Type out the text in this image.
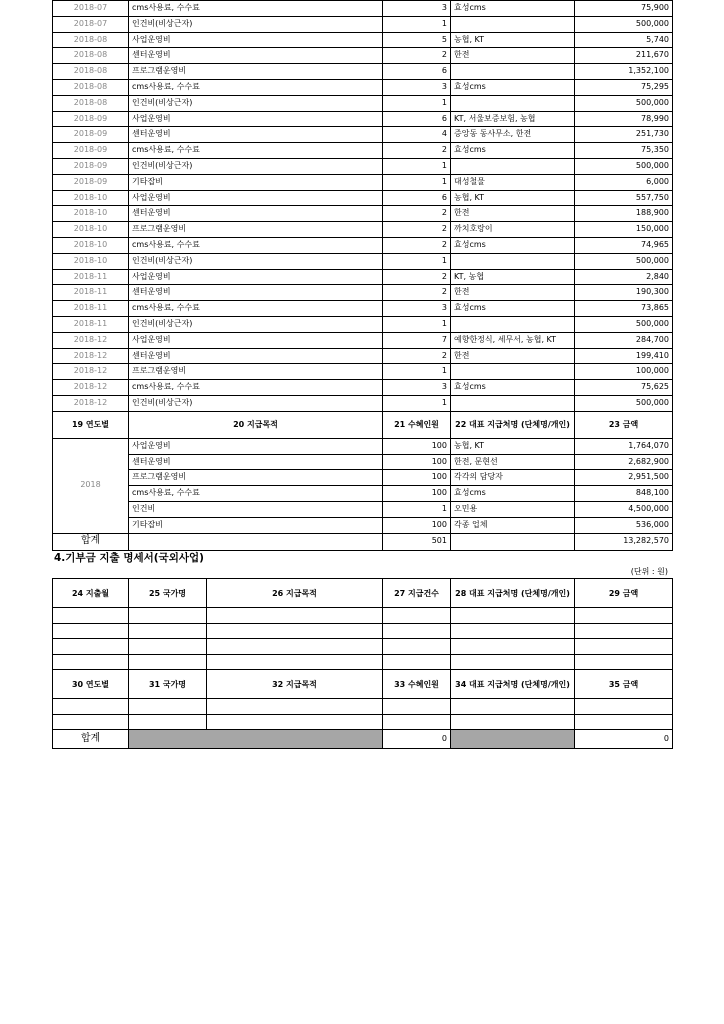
2018-07	cms사용료, 수수료	3	효성cms	75,900
2018-07	인건비(비상근자)	1		500,000
2018-08	사업운영비	5	농협, KT	5,740
2018-08	센터운영비	2	한전	211,670
2018-08	프로그램운영비	6		1,352,100
2018-08	cms사용료, 수수료	3	효성cms	75,295
2018-08	인건비(비상근자)	1		500,000
2018-09	사업운영비	6	KT, 서울보증보험, 농협	78,990
2018-09	센터운영비	4	증앙동 동사무소, 한전	251,730
2018-09	cms사용료, 수수료	2	효성cms	75,350
2018-09	인건비(비상근자)	1		500,000
2018-09	기타잡비	1	대성철물	6,000
2018-10	사업운영비	6	농협, KT	557,750
2018-10	센터운영비	2	한전	188,900
2018-10	프로그램운영비	2	까치호랑이	150,000
2018-10	cms사용료, 수수료	2	효성cms	74,965
2018-10	인건비(비상근자)	1		500,000
2018-11	사업운영비	2	KT, 농협	2,840
2018-11	센터운영비	2	한전	190,300
2018-11	cms사용료, 수수료	3	효성cms	73,865
2018-11	인건비(비상근자)	1		500,000
2018-12	사업운영비	7	예향한정식, 세무서, 농협, KT	284,700
2018-12	센터운영비	2	한전	199,410
2018-12	프로그램운영비	1		100,000
2018-12	cms사용료, 수수료	3	효성cms	75,625
2018-12	인건비(비상근자)	1		500,000
19 연도별	20 지급목적	21 수혜인원	22 대표 지급처명 (단체명/개인)	23 금액
2018	사업운영비	100	농협, KT	1,764,070
	센터운영비	100	한전, 문현선	2,682,900
	프로그램운영비	100	각각의 담당자	2,951,500
	cms사용료, 수수료	100	효성cms	848,100
	인건비	1	오민용	4,500,000
	기타잡비	100	각종 업체	536,000
합계		501		13,282,570
4.기부금 지출 명세서(국외사업)
(단위 : 원)
24 지출월	25 국가명	26 지급목적	27 지급건수	28 대표 지급처명 (단체명/개인)	29 금액

30 연도별	31 국가명	32 지급목적	33 수혜인원	34 대표 지급처명 (단체명/개인)	35 금액

합계			0		0
